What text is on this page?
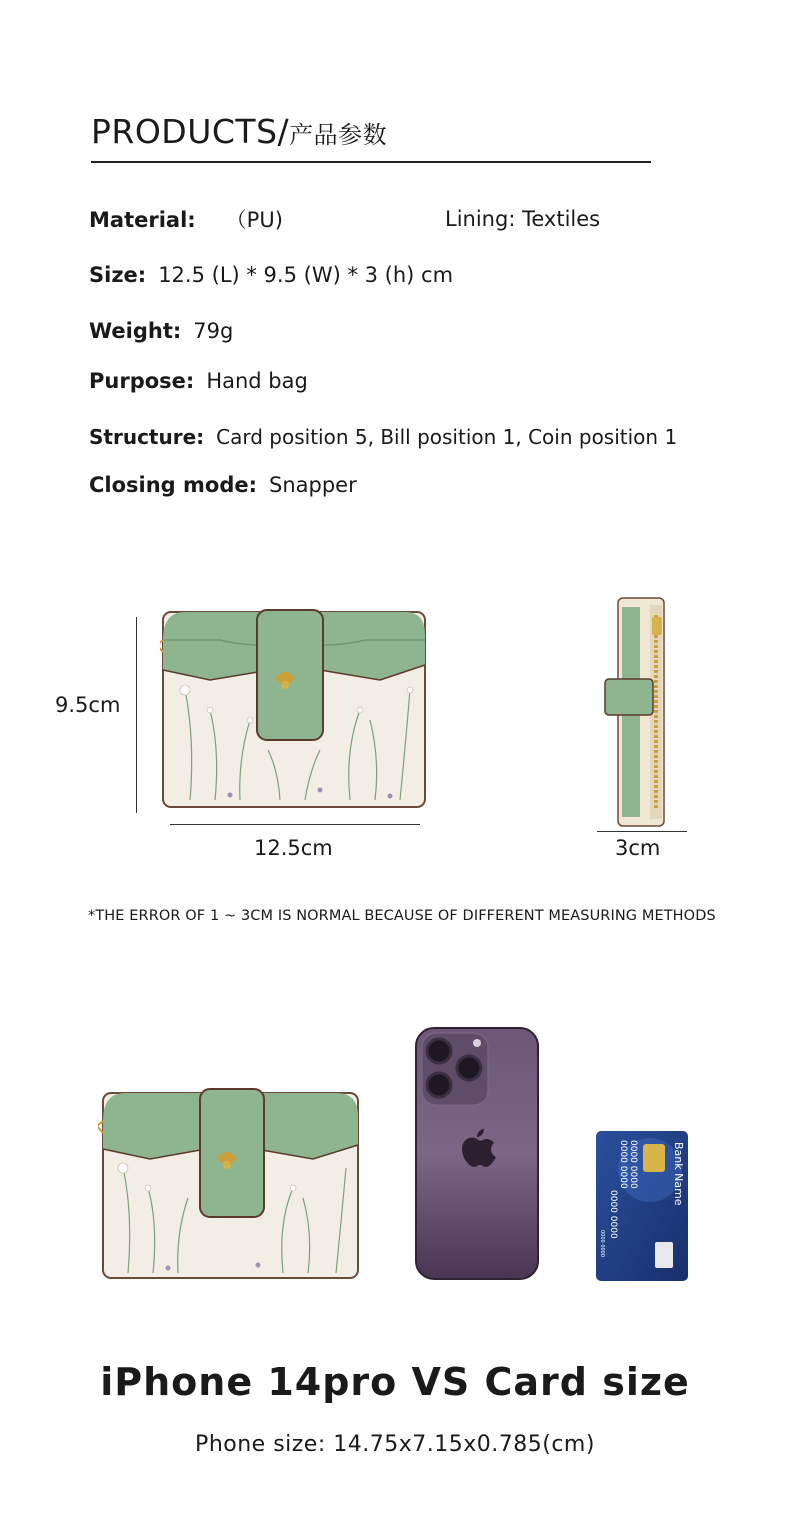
PRODUCTS/产品参数
Material: （PU)	Lining: Textiles
Size: 12.5 (L) * 9.5 (W) * 3 (h) cm
Weight: 79g
Purpose: Hand bag
Structure: Card position 5, Bill position 1, Coin position 1
Closing mode: Snapper
9.5cm
12.5cm	3cm
*THE ERROR OF 1 ~ 3CM IS NORMAL BECAUSE OF DIFFERENT MEASURING METHODS
Bank Name
0000 0000
0000 0000
0000 0000
0000 0000
iPhone 14pro VS Card size
Phone size: 14.75x7.15x0.785(cm)
